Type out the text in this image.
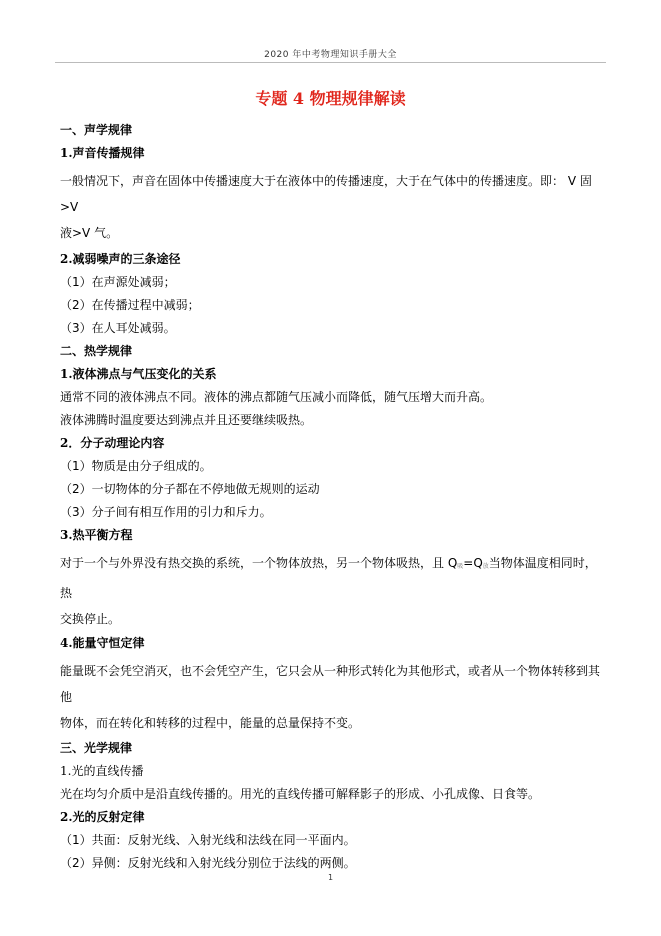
2020 年中考物理知识手册大全
专题 4 物理规律解读
一、声学规律
1.声音传播规律
一般情况下，声音在固体中传播速度大于在液体中的传播速度，大于在气体中的传播速度。即： V 固>V
液>V 气。
2.减弱噪声的三条途径
（1）在声源处减弱；
（2）在传播过程中减弱；
（3）在人耳处减弱。
二、热学规律
1.液体沸点与气压变化的关系
通常不同的液体沸点不同。液体的沸点都随气压减小而降低，随气压增大而升高。
液体沸腾时温度要达到沸点并且还要继续吸热。
2．分子动理论内容
（1）物质是由分子组成的。
（2）一切物体的分子都在不停地做无规则的运动
（3）分子间有相互作用的引力和斥力。
3.热平衡方程
对于一个与外界没有热交换的系统，一个物体放热，另一个物体吸热，且 $Q_吸=Q_放$当物体温度相同时，热
交换停止。
4.能量守恒定律
能量既不会凭空消灭，也不会凭空产生，它只会从一种形式转化为其他形式，或者从一个物体转移到其他
物体，而在转化和转移的过程中，能量的总量保持不变。
三、光学规律
1.光的直线传播
光在均匀介质中是沿直线传播的。用光的直线传播可解释影子的形成、小孔成像、日食等。
2.光的反射定律
（1）共面：反射光线、入射光线和法线在同一平面内。
（2）异侧：反射光线和入射光线分别位于法线的两侧。
1
